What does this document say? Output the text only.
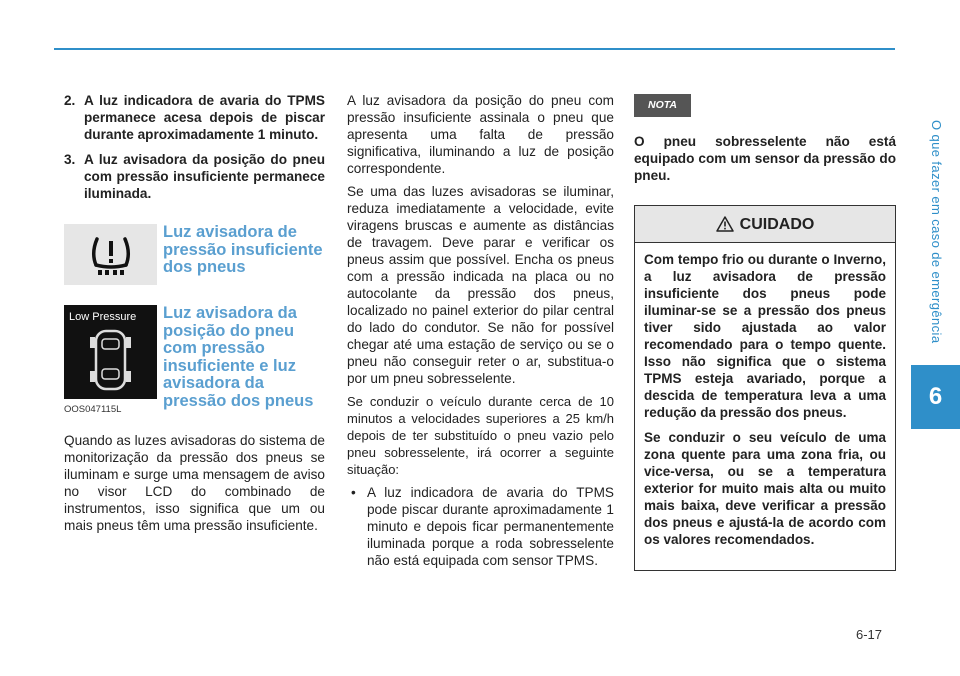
O que fazer em caso de emergência
6
2. A luz indicadora de avaria do TPMS permanece acesa depois de piscar durante aproximadamente 1 minuto.
3. A luz avisadora da posição do pneu com pressão insuficiente permanece iluminada.
Luz avisadora de pressão insuficiente dos pneus
Low Pressure
OOS047115L
Luz avisadora da posição do pneu com pressão insuficiente e luz avisadora da pressão dos pneus

Quando as luzes avisadoras do sistema de monitorização da pressão dos pneus se iluminam e surge uma mensagem de aviso no visor LCD do combinado de instrumentos, isso significa que um ou mais pneus têm uma pressão insuficiente.

A luz avisadora da posição do pneu com pressão insuficiente assinala o pneu que apresenta uma falta de pressão significativa, iluminando a luz de posição correspondente.

Se uma das luzes avisadoras se iluminar, reduza imediatamente a velocidade, evite viragens bruscas e aumente as distâncias de travagem. Deve parar e verificar os pneus assim que possível. Encha os pneus com a pressão indicada na placa ou no autocolante da pressão dos pneus, localizado no painel exterior do pilar central do lado do condutor. Se não for possível chegar até uma estação de serviço ou se o pneu não conseguir reter o ar, substitua-o por um pneu sobresselente.

Se conduzir o veículo durante cerca de 10 minutos a velocidades superiores a 25 km/h depois de ter substituído o pneu vazio pelo pneu sobresselente, irá ocorrer a seguinte situação:

• A luz indicadora de avaria do TPMS pode piscar durante aproximadamente 1 minuto e depois ficar permanentemente iluminada porque a roda sobresselente não está equipada com sensor TPMS.
NOTA

O pneu sobresselente não está equipado com um sensor da pressão do pneu.

CUIDADO

Com tempo frio ou durante o Inverno, a luz avisadora de pressão insuficiente dos pneus pode iluminar-se se a pressão dos pneus tiver sido ajustada ao valor recomendado para o tempo quente. Isso não significa que o sistema TPMS esteja avariado, porque a descida de temperatura leva a uma redução da pressão dos pneus.

Se conduzir o seu veículo de uma zona quente para uma zona fria, ou vice-versa, ou se a temperatura exterior for muito mais alta ou muito mais baixa, deve verificar a pressão dos pneus e ajustá-la de acordo com os valores recomendados.

6-17
